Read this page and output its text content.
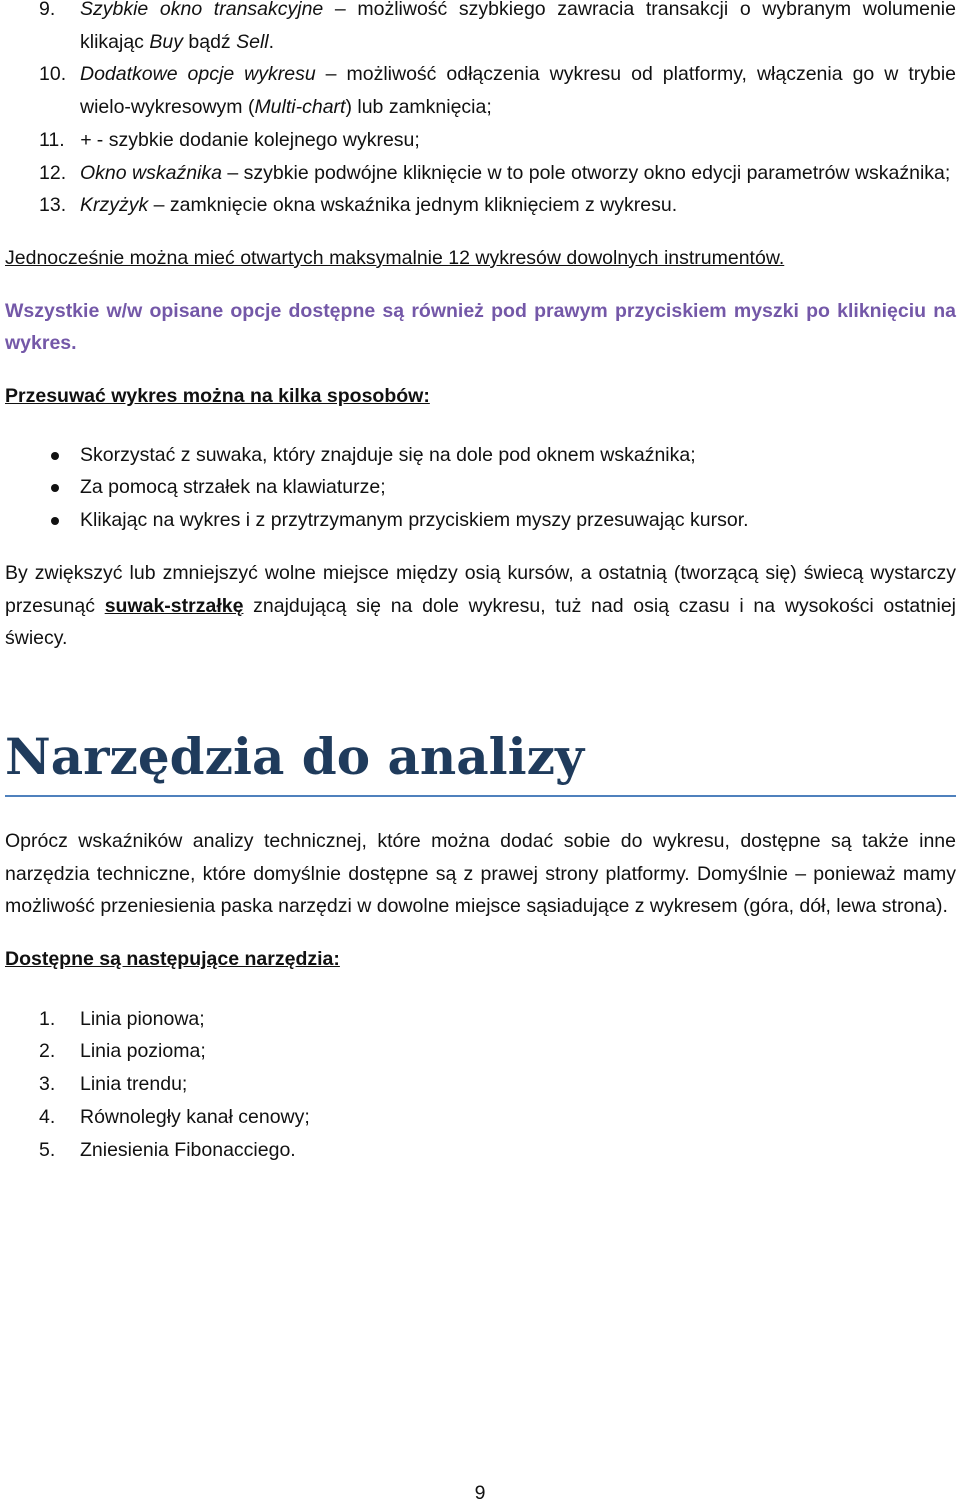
9. Szybkie okno transakcyjne – możliwość szybkiego zawracia transakcji o wybranym wolumenie klikając Buy bądź Sell.
10. Dodatkowe opcje wykresu – możliwość odłączenia wykresu od platformy, włączenia go w trybie wielo-wykresowym (Multi-chart) lub zamknięcia;
11. + - szybkie dodanie kolejnego wykresu;
12. Okno wskaźnika – szybkie podwójne kliknięcie w to pole otworzy okno edycji parametrów wskaźnika;
13. Krzyżyk – zamknięcie okna wskaźnika jednym kliknięciem z wykresu.

Jednocześnie można mieć otwartych maksymalnie 12 wykresów dowolnych instrumentów.

Wszystkie w/w opisane opcje dostępne są również pod prawym przyciskiem myszki po kliknięciu na wykres.

Przesuwać wykres można na kilka sposobów:

Skorzystać z suwaka, który znajduje się na dole pod oknem wskaźnika;
Za pomocą strzałek na klawiaturze;
Klikając na wykres i z przytrzymanym przyciskiem myszy przesuwając kursor.

By zwiększyć lub zmniejszyć wolne miejsce między osią kursów, a ostatnią (tworzącą się) świecą wystarczy przesunąć suwak-strzałkę znajdującą się na dole wykresu, tuż nad osią czasu i na wysokości ostatniej świecy.

Narzędzia do analizy

Oprócz wskaźników analizy technicznej, które można dodać sobie do wykresu, dostępne są także inne narzędzia techniczne, które domyślnie dostępne są z prawej strony platformy. Domyślnie – ponieważ mamy możliwość przeniesienia paska narzędzi w dowolne miejsce sąsiadujące z wykresem (góra, dół, lewa strona).

Dostępne są następujące narzędzia:

1. Linia pionowa;
2. Linia pozioma;
3. Linia trendu;
4. Równoległy kanał cenowy;
5. Zniesienia Fibonacciego.
9
